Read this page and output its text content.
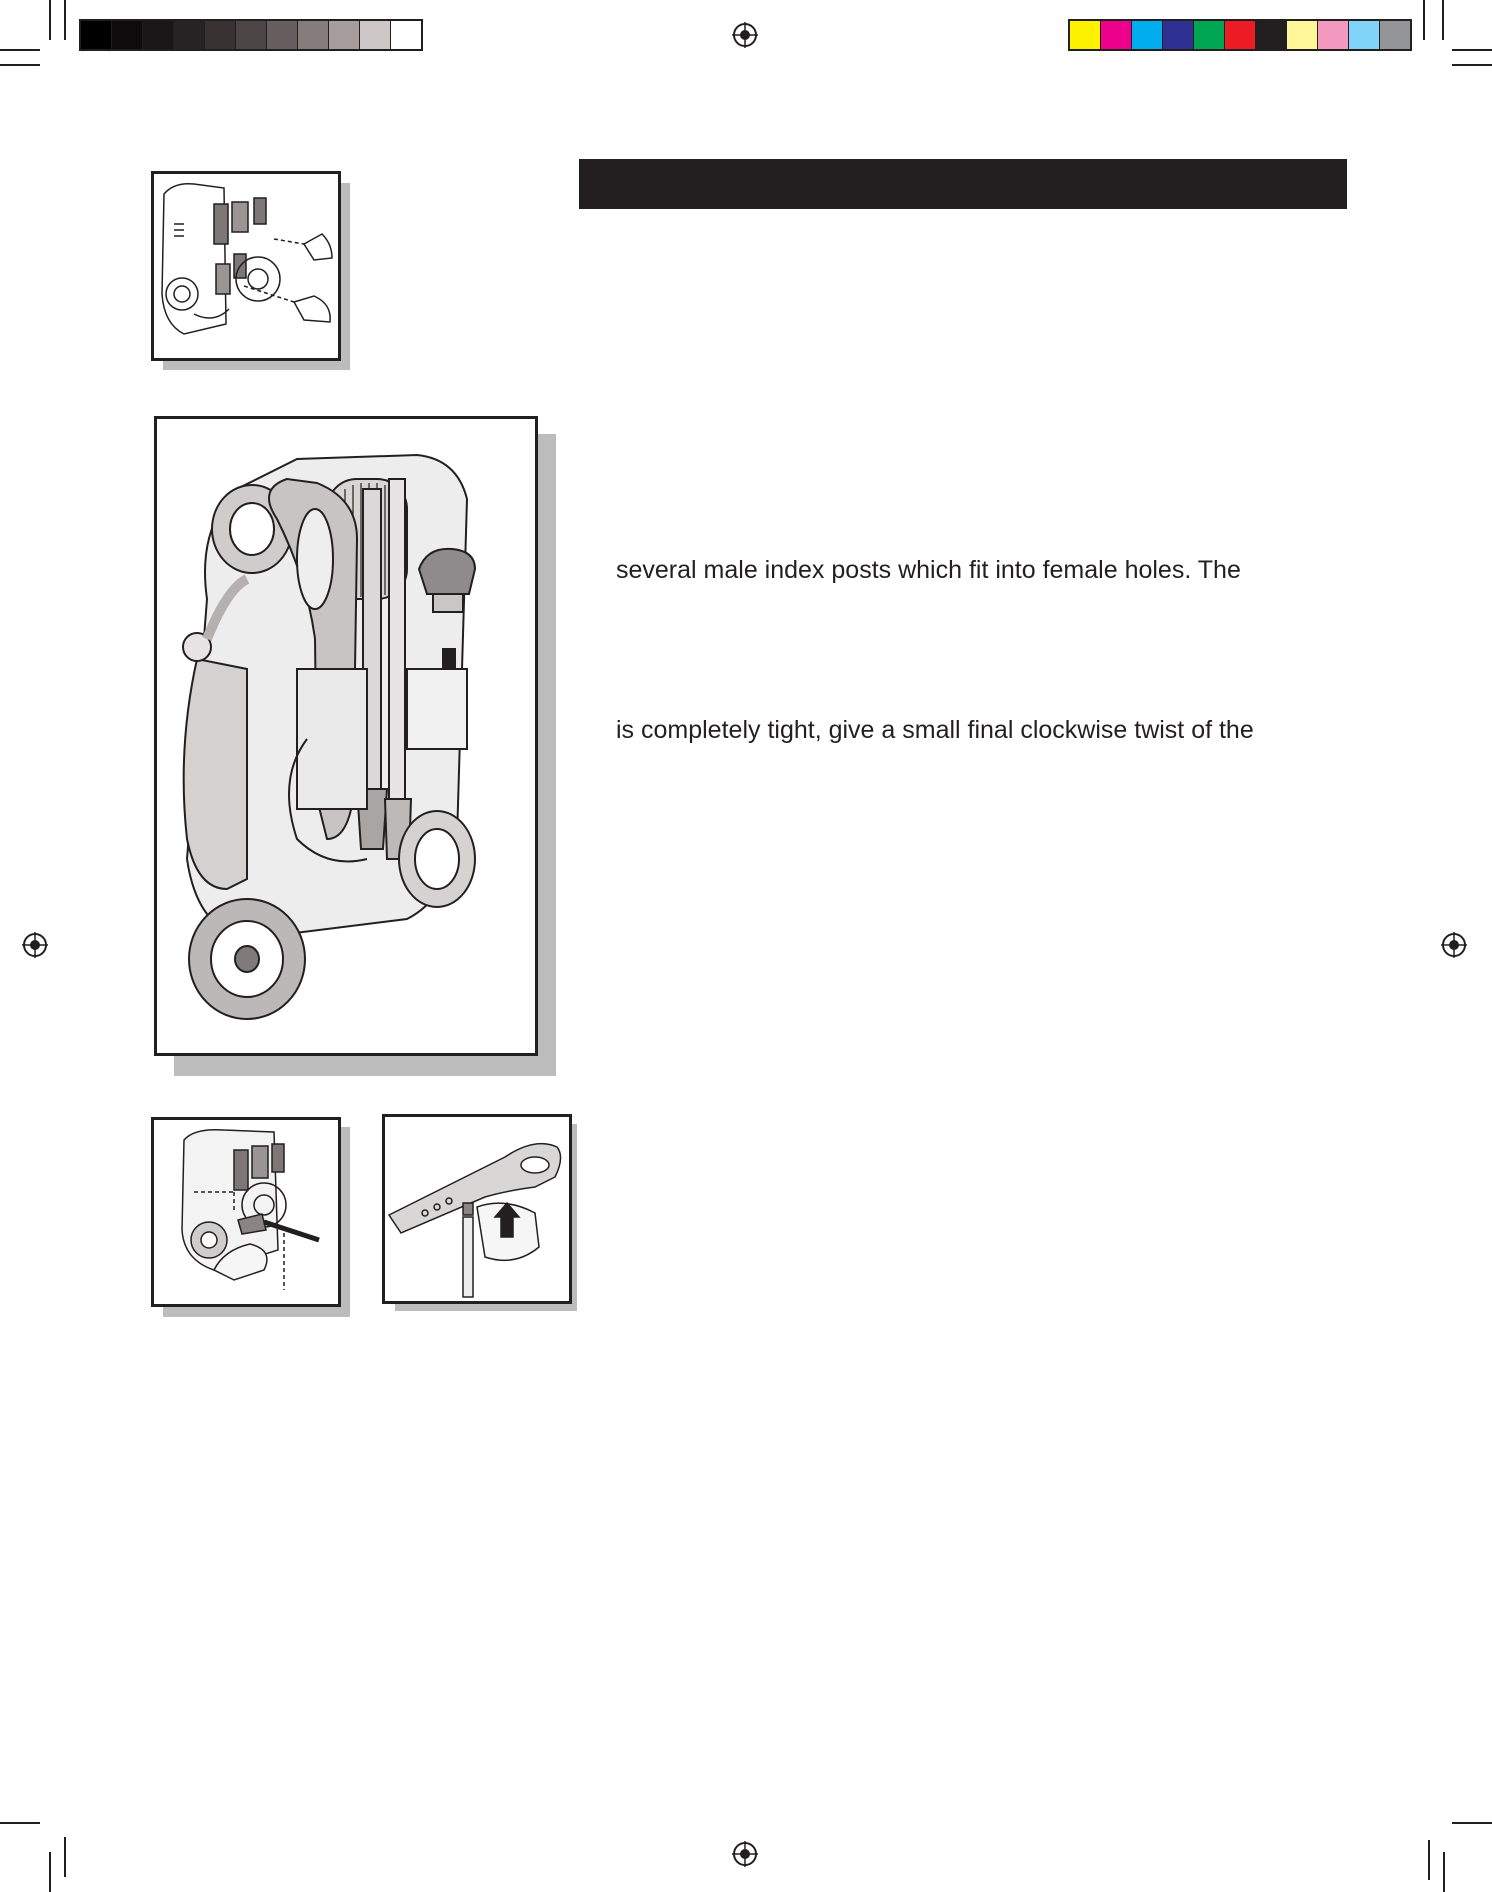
several male index posts which fit into female holes. The
is completely tight, give a small final clockwise twist of the
